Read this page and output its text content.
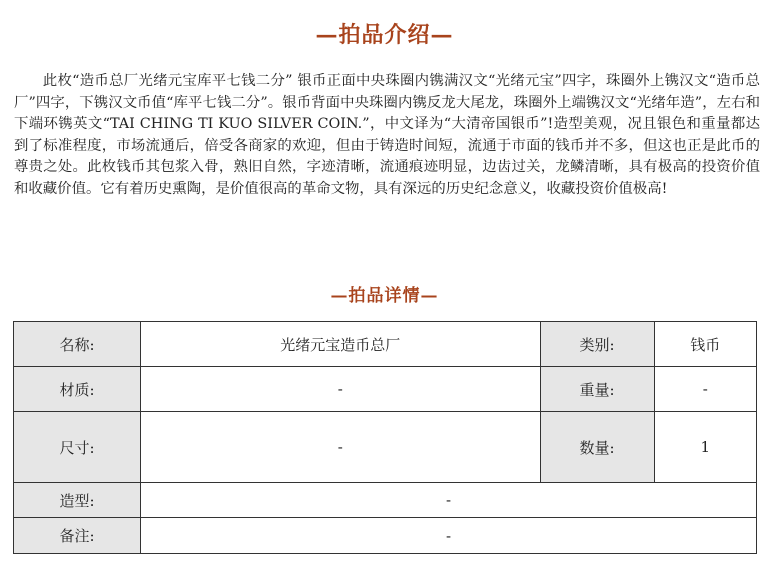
—拍品介绍—

此枚“造币总厂光绪元宝库平七钱二分” 银币正面中央珠圈内镌满汉文“光绪元宝”四字，珠圈外上镌汉文“造币总厂”四字，下镌汉文币值“库平七钱二分”。银币背面中央珠圈内镌反龙大尾龙，珠圈外上端镌汉文“光绪年造”，左右和下端环镌英文“TAI CHING TI KUO SILVER COIN.”，中文译为“大清帝国银币”!造型美观，况且银色和重量都达到了标准程度，市场流通后，倍受各商家的欢迎，但由于铸造时间短，流通于市面的钱币并不多，但这也正是此币的尊贵之处。此枚钱币其包浆入骨，熟旧自然，字迹清晰，流通痕迹明显，边齿过关，龙鳞清晰，具有极高的投资价值和收藏价值。它有着历史熏陶，是价值很高的革命文物，具有深远的历史纪念意义，收藏投资价值极高!

—拍品详情—
名称:	光绪元宝造币总厂	类别:	钱币
材质:	-	重量:	-
尺寸:	-	数量:	1
造型:	-		
备注:	-		
